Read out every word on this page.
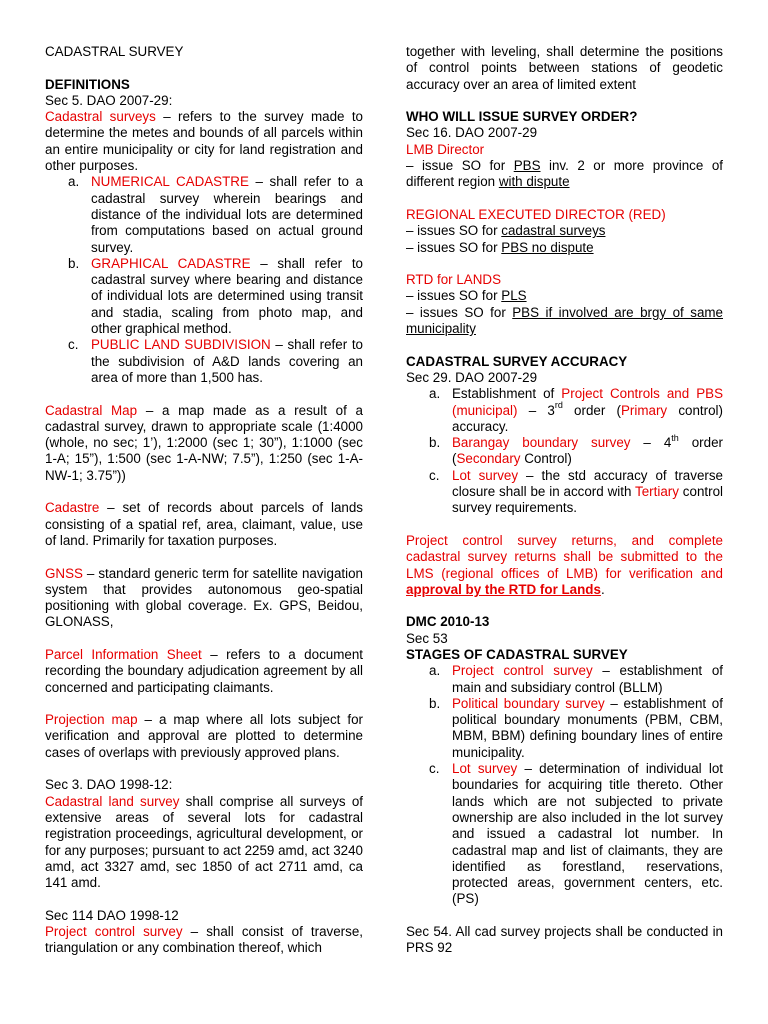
CADASTRAL SURVEY

DEFINITIONS

Sec 5. DAO 2007-29:

Cadastral surveys – refers to the survey made to determine the metes and bounds of all parcels within an entire municipality or city for land registration and other purposes.

a. NUMERICAL CADASTRE – shall refer to a cadastral survey wherein bearings and distance of the individual lots are determined from computations based on actual ground survey.
b. GRAPHICAL CADASTRE – shall refer to cadastral survey where bearing and distance of individual lots are determined using transit and stadia, scaling from photo map, and other graphical method.
c. PUBLIC LAND SUBDIVISION – shall refer to the subdivision of A&D lands covering an area of more than 1,500 has.

Cadastral Map – a map made as a result of a cadastral survey, drawn to appropriate scale (1:4000 (whole, no sec; 1’), 1:2000 (sec 1; 30”), 1:1000 (sec 1-A; 15”), 1:500 (sec 1-A-NW; 7.5”), 1:250 (sec 1-A-NW-1; 3.75”))

Cadastre – set of records about parcels of lands consisting of a spatial ref, area, claimant, value, use of land. Primarily for taxation purposes.

GNSS – standard generic term for satellite navigation system that provides autonomous geo-spatial positioning with global coverage. Ex. GPS, Beidou, GLONASS,

Parcel Information Sheet – refers to a document recording the boundary adjudication agreement by all concerned and participating claimants.

Projection map – a map where all lots subject for verification and approval are plotted to determine cases of overlaps with previously approved plans.

Sec 3. DAO 1998-12:

Cadastral land survey shall comprise all surveys of extensive areas of several lots for cadastral registration proceedings, agricultural development, or for any purposes; pursuant to act 2259 amd, act 3240 amd, act 3327 amd, sec 1850 of act 2711 amd, ca 141 amd.

Sec 114 DAO 1998-12

Project control survey – shall consist of traverse, triangulation or any combination thereof, which

together with leveling, shall determine the positions of control points between stations of geodetic accuracy over an area of limited extent

WHO WILL ISSUE SURVEY ORDER?

Sec 16. DAO 2007-29

LMB Director

– issue SO for PBS inv. 2 or more province of different region with dispute

REGIONAL EXECUTED DIRECTOR (RED)

– issues SO for cadastral surveys

– issues SO for PBS no dispute

RTD for LANDS

– issues SO for PLS

– issues SO for PBS if involved are brgy of same municipality

CADASTRAL SURVEY ACCURACY

Sec 29. DAO 2007-29

a. Establishment of Project Controls and PBS (municipal) – 3rd order (Primary control) accuracy.
b. Barangay boundary survey – 4th order (Secondary Control)
c. Lot survey – the std accuracy of traverse closure shall be in accord with Tertiary control survey requirements.

Project control survey returns, and complete cadastral survey returns shall be submitted to the LMS (regional offices of LMB) for verification and approval by the RTD for Lands.

DMC 2010-13

Sec 53

STAGES OF CADASTRAL SURVEY

a. Project control survey – establishment of main and subsidiary control (BLLM)
b. Political boundary survey – establishment of political boundary monuments (PBM, CBM, MBM, BBM) defining boundary lines of entire municipality.
c. Lot survey – determination of individual lot boundaries for acquiring title thereto. Other lands which are not subjected to private ownership are also included in the lot survey and issued a cadastral lot number. In cadastral map and list of claimants, they are identified as forestland, reservations, protected areas, government centers, etc. (PS)

Sec 54. All cad survey projects shall be conducted in PRS 92
